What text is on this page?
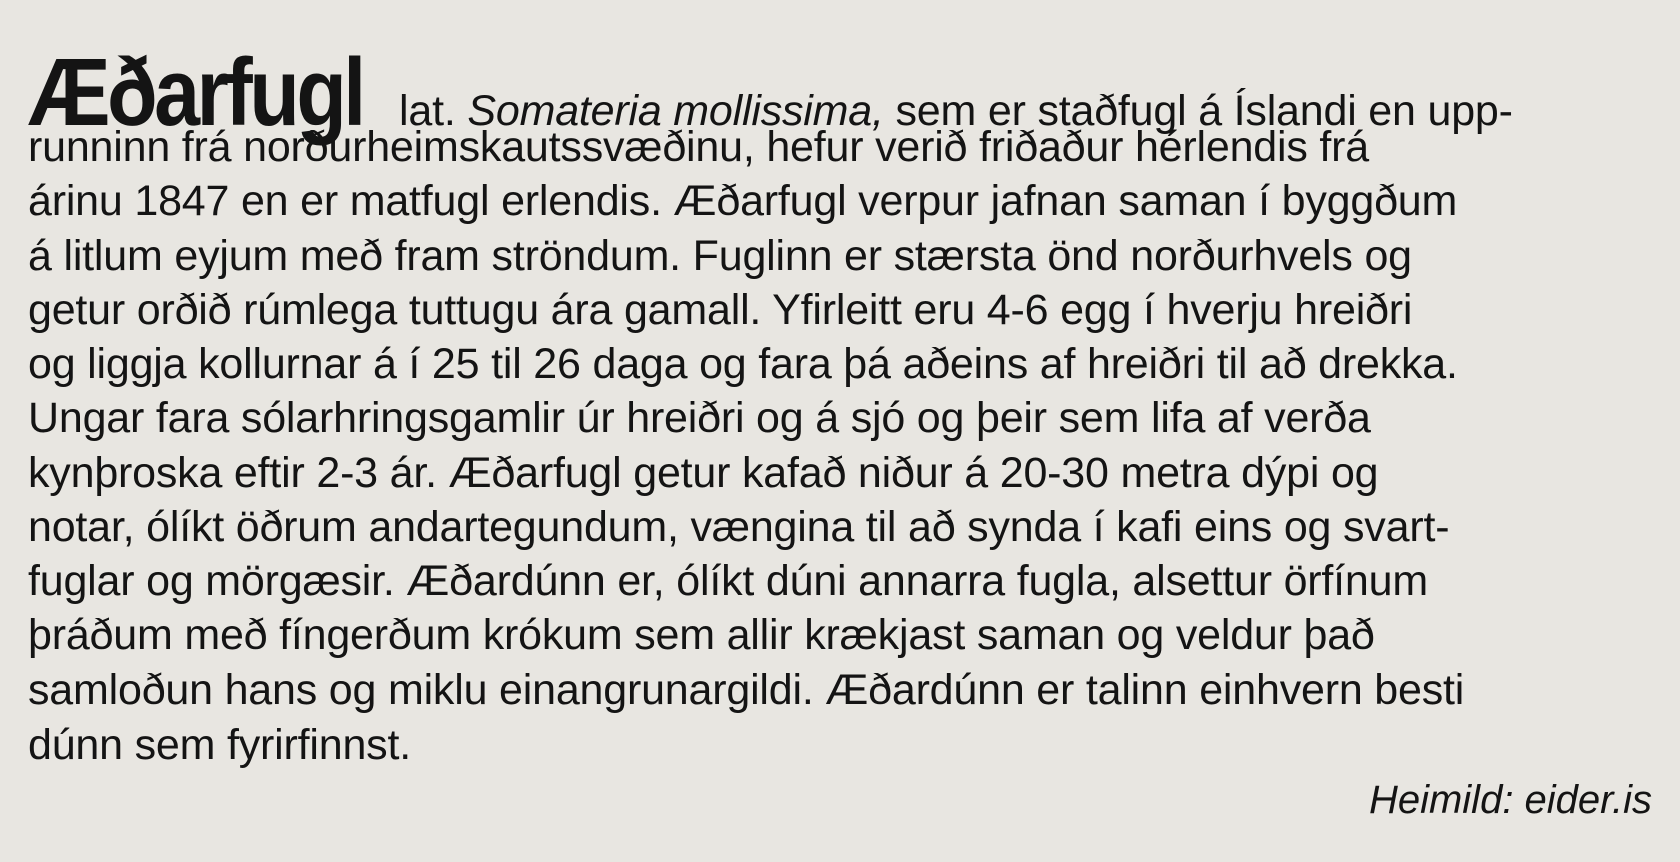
Æðarfugl lat. Somateria mollissima, sem er staðfugl á Íslandi en upp-
runninn frá norðurheimskautssvæðinu, hefur verið friðaður hérlendis frá
árinu 1847 en er matfugl erlendis. Æðarfugl verpur jafnan saman í byggðum
á litlum eyjum með fram ströndum. Fuglinn er stærsta önd norðurhvels og
getur orðið rúmlega tuttugu ára gamall. Yfirleitt eru 4-6 egg í hverju hreiðri
og liggja kollurnar á í 25 til 26 daga og fara þá aðeins af hreiðri til að drekka.
Ungar fara sólarhringsgamlir úr hreiðri og á sjó og þeir sem lifa af verða
kynþroska eftir 2-3 ár. Æðarfugl getur kafað niður á 20-30 metra dýpi og
notar, ólíkt öðrum andartegundum, vængina til að synda í kafi eins og svart-
fuglar og mörgæsir. Æðardúnn er, ólíkt dúni annarra fugla, alsettur örfínum
þráðum með fíngerðum krókum sem allir krækjast saman og veldur það
samloðun hans og miklu einangrunargildi. Æðardúnn er talinn einhvern besti
dúnn sem fyrirfinnst.
Heimild: eider.is
